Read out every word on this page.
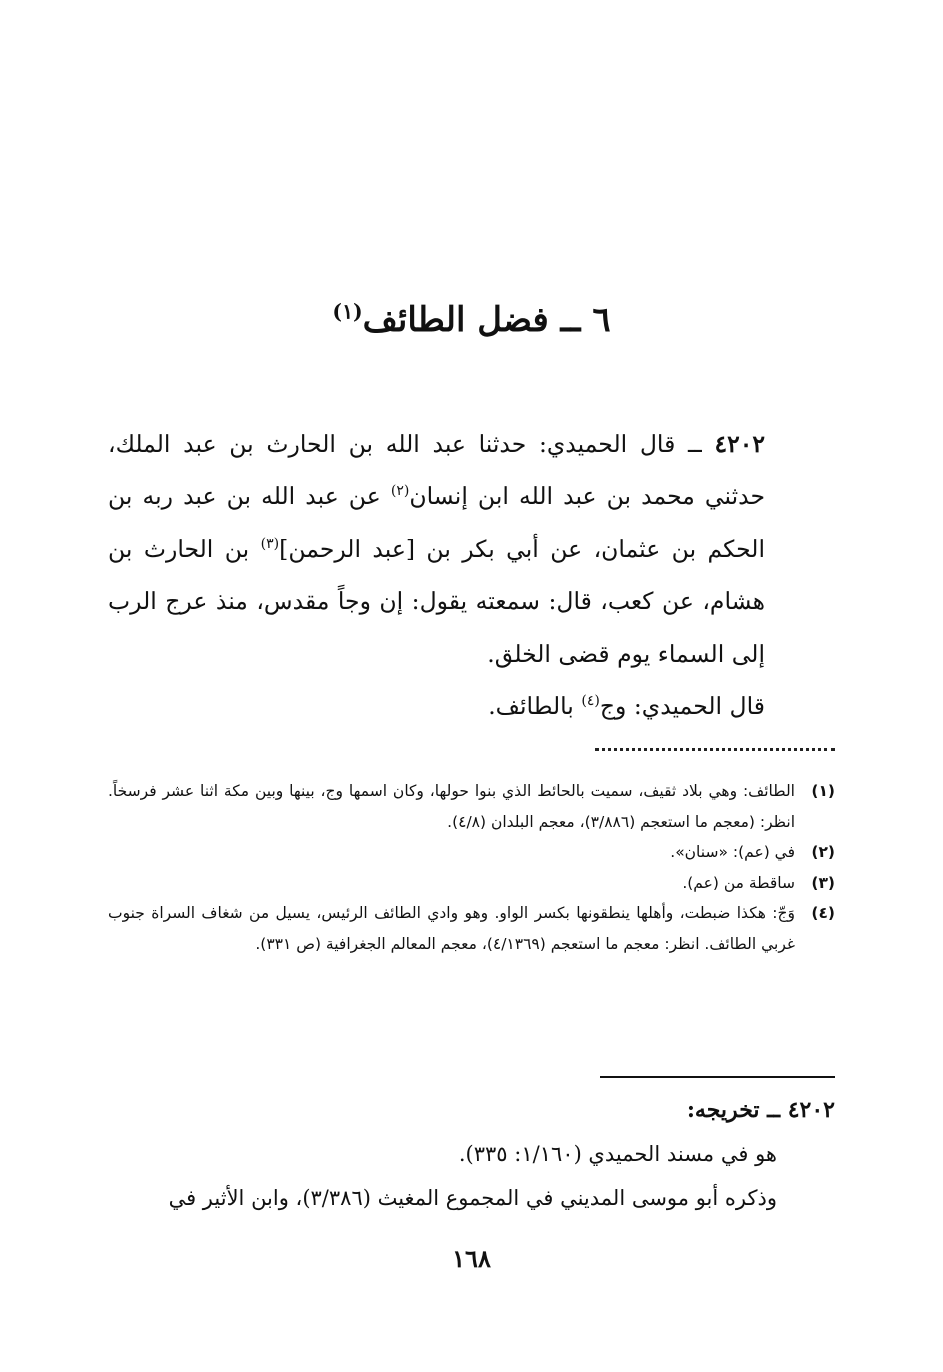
٦ ــ فضل الطائف$^{(١)}$

٤٢٠٢ ــ قال الحميدي: حدثنا عبد الله بن الحارث بن عبد الملك، حدثني محمد بن عبد الله ابن إنسان$^{(٢)}$ عن عبد الله بن عبد ربه بن الحكم بن عثمان، عن أبي بكر بن [عبد الرحمن]$^{(٣)}$ بن الحارث بن هشام، عن كعب، قال: سمعته يقول: إن وجاً مقدس، منذ عرج الرب إلى السماء يوم قضى الخلق.

قال الحميدي: وج$^{(٤)}$ بالطائف.

(١)
الطائف: وهي بلاد ثقيف، سميت بالحائط الذي بنوا حولها، وكان اسمها وج، بينها وبين مكة اثنا عشر فرسخاً. انظر: (معجم ما استعجم (٣/٨٨٦)، معجم البلدان (٤/٨).
(٢)
في (عم): «سنان».
(٣)
ساقطة من (عم).
(٤)
وَجّ: هكذا ضبطت، وأهلها ينطقونها بكسر الواو. وهو وادي الطائف الرئيس، يسيل من شغاف السراة جنوب غربي الطائف. انظر: معجم ما استعجم (٤/١٣٦٩)، معجم المعالم الجغرافية (ص ٣٣١).

٤٢٠٢ ــ تخريجه:

هو في مسند الحميدي (١/١٦٠: ٣٣٥).

وذكره أبو موسى المديني في المجموع المغيث (٣/٣٨٦)، وابن الأثير في

١٦٨
